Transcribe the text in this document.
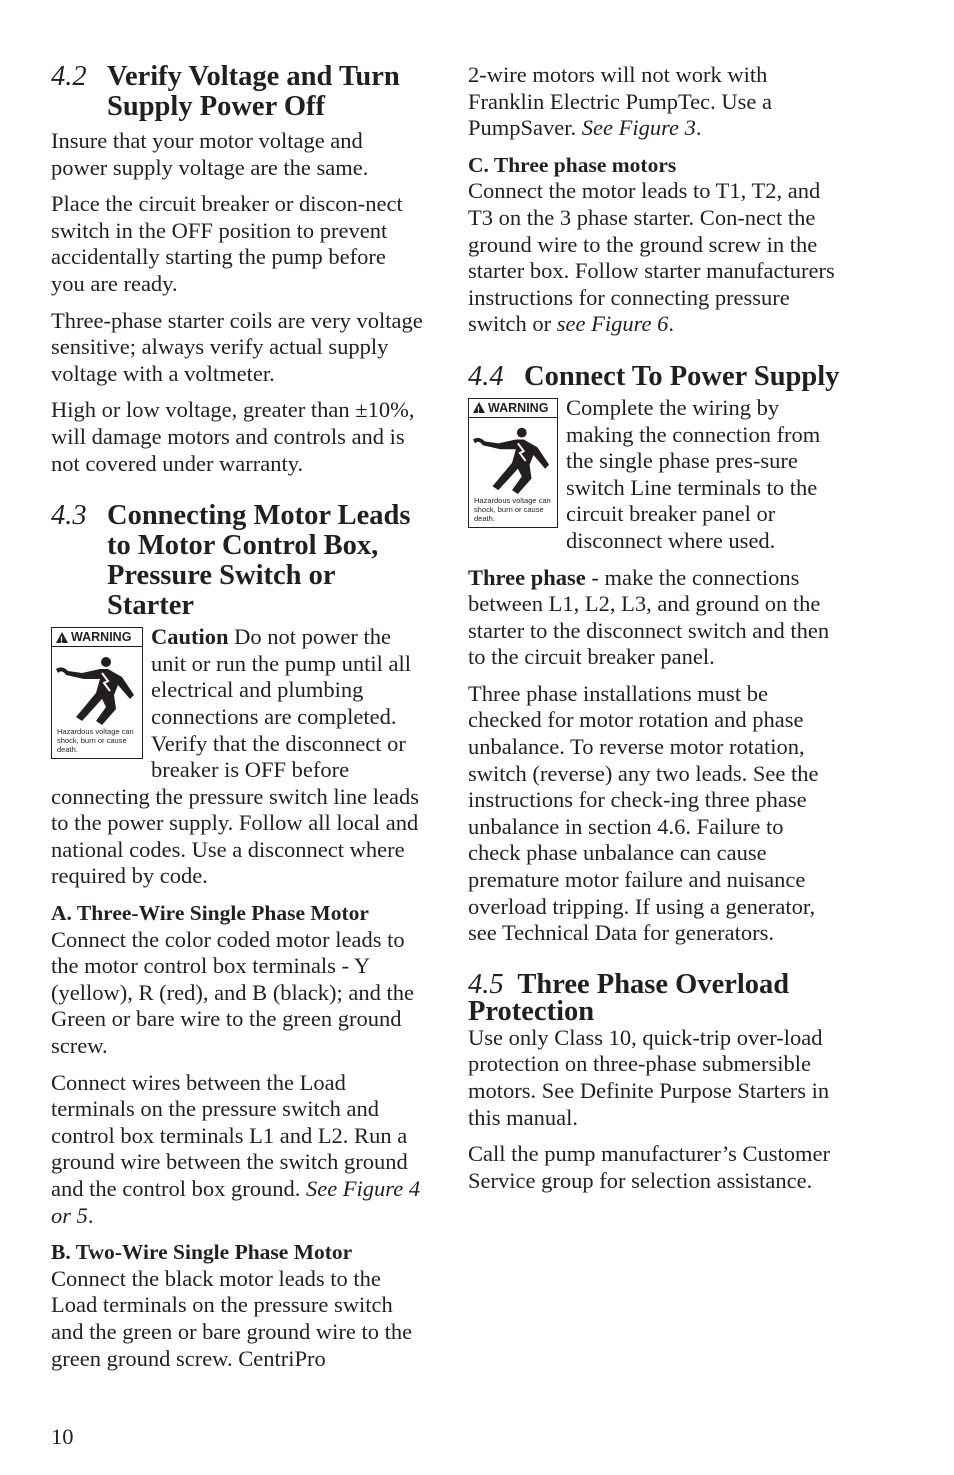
4.2 Verify Voltage and Turn Supply Power Off

Insure that your motor voltage and power supply voltage are the same.

Place the circuit breaker or discon-nect switch in the OFF position to prevent accidentally starting the pump before you are ready.

Three-phase starter coils are very voltage sensitive; always verify actual supply voltage with a voltmeter.

High or low voltage, greater than ±10%, will damage motors and controls and is not covered under warranty.

4.3 Connecting Motor Leads to Motor Control Box, Pressure Switch or Starter
!
WARNING
Hazardous voltage can shock, burn or cause death.

Caution Do not power the unit or run the pump until all electrical and plumbing connections are completed. Verify that the disconnect or breaker is OFF before connecting the pressure switch line leads to the power supply. Follow all local and national codes. Use a disconnect where required by code.

A. Three-Wire Single Phase Motor

Connect the color coded motor leads to the motor control box terminals - Y (yellow), R (red), and B (black); and the Green or bare wire to the green ground screw.

Connect wires between the Load terminals on the pressure switch and control box terminals L1 and L2. Run a ground wire between the switch ground and the control box ground. See Figure 4 or 5.

B. Two-Wire Single Phase Motor

Connect the black motor leads to the Load terminals on the pressure switch and the green or bare ground wire to the green ground screw. CentriPro

2-wire motors will not work with Franklin Electric PumpTec. Use a PumpSaver. See Figure 3.

C. Three phase motors

Connect the motor leads to T1, T2, and T3 on the 3 phase starter. Con-nect the ground wire to the ground screw in the starter box. Follow starter manufacturers instructions for connecting pressure switch or see Figure 6.

4.4 Connect To Power Supply
!
WARNING
Hazardous voltage can shock, burn or cause death.

Complete the wiring by making the connection from the single phase pres-sure switch Line terminals to the circuit breaker panel or disconnect where used.

Three phase - make the connections between L1, L2, L3, and ground on the starter to the disconnect switch and then to the circuit breaker panel.

Three phase installations must be checked for motor rotation and phase unbalance. To reverse motor rotation, switch (reverse) any two leads. See the instructions for check-ing three phase unbalance in section 4.6. Failure to check phase unbalance can cause premature motor failure and nuisance overload tripping. If using a generator, see Technical Data for generators.

4.5 Three Phase Overload Protection

Use only Class 10, quick-trip over-load protection on three-phase submersible motors. See Definite Purpose Starters in this manual.

Call the pump manufacturer’s Customer Service group for selection assistance.

10
